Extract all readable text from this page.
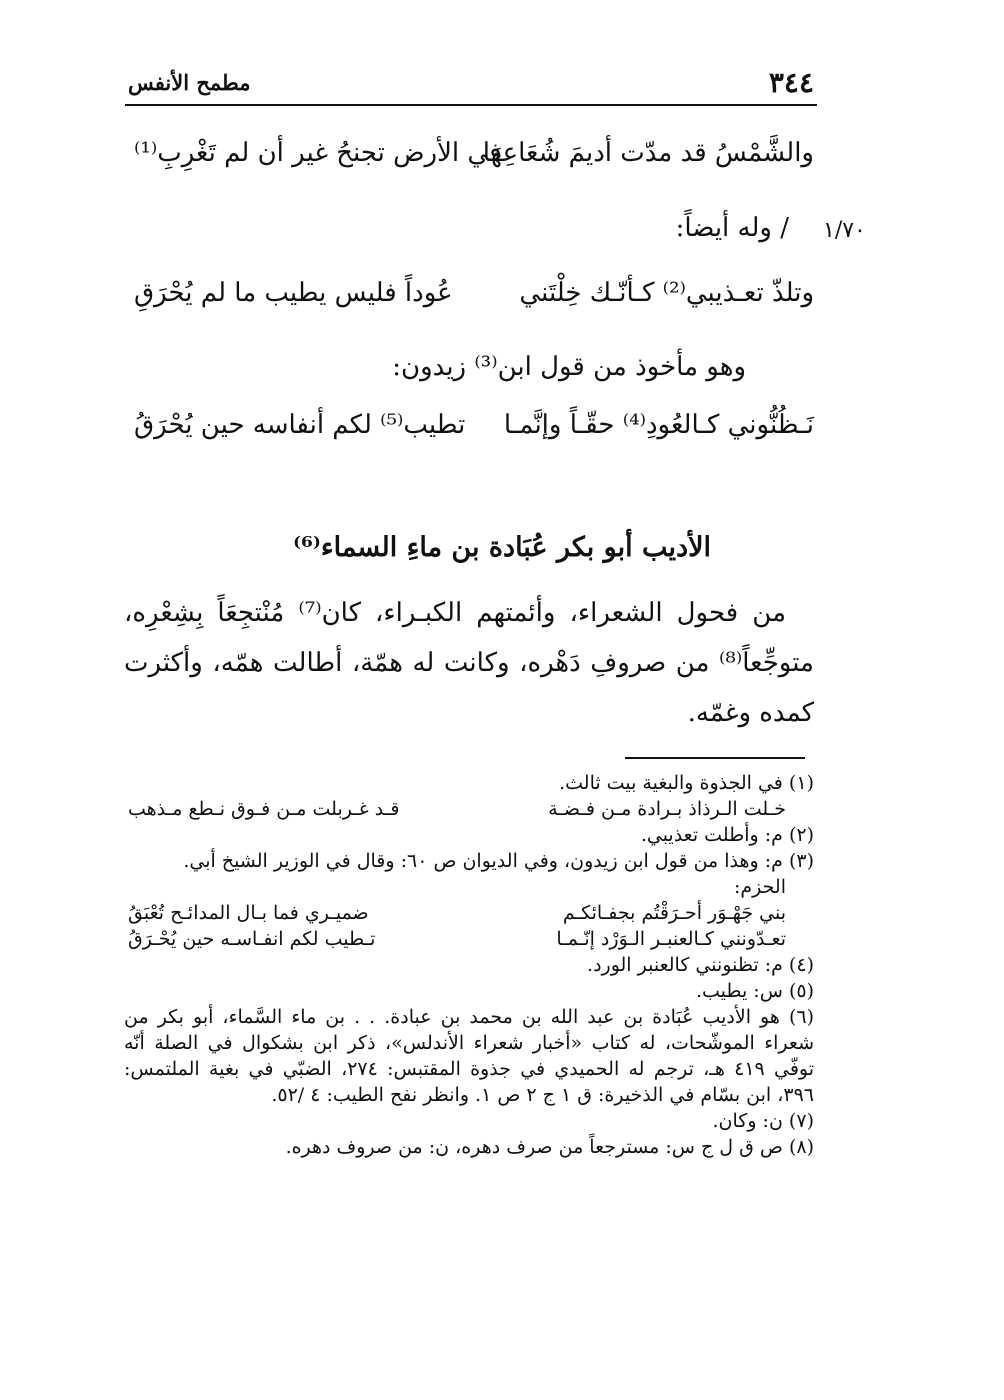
٣٤٤
مطمح الأنفس
والشَّمْسُ قد مدّت أديمَ شُعَاعِهَا
في الأرض تجنحُ غير أن لم تَغْرِبِ⁽¹⁾
١/٧٠
/ وله أيضاً:
وتلذّ تعـذيبي⁽²⁾ كـأنّـك خِلْتَني
عُوداً فليس يطيب ما لم يُحْرَقِ
وهو مأخوذ من قول ابن⁽³⁾ زيدون:
نَـظُنُّوني كـالعُودِ⁽⁴⁾ حقّـاً وإنَّمـا
تطيب⁽⁵⁾ لكم أنفاسه حين يُحْرَقُ
الأديب أبو بكر عُبَادة بن ماءِ السماء⁽⁶⁾

من فحول الشعراء، وأئمتهم الكبـراء، كان⁽⁷⁾ مُنْتجِعَاً بِشِعْرِه، متوجِّعاً⁽⁸⁾ من صروفِ دَهْره، وكانت له همّة، أطالت همّه، وأكثرت كمده وغمّه.

(١) في الجذوة والبغية بيت ثالث.

خـلت الـرذاذ بـرادة مـن فـضـة
قـد غـربلت مـن فـوق نـطع مـذهب

(٢) م: وأطلت تعذيبي.

(٣) م: وهذا من قول ابن زيدون، وفي الديوان ص ٦٠: وقال في الوزير الشيخ أبي.

الحزم:

بني جَهْـوَر أحـرَقْتُم بجفـائكـم
ضميـري فما بـال المدائـح تُعْبَقُ
تعـدّونني كـالعنبـر الـوَرْد إنّـمـا
تـطيب لكم انفـاسـه حين يُحْـرَقُ

(٤) م: تظنونني كالعنبر الورد.

(٥) س: يطيب.

(٦) هو الأديب عُبَادة بن عبد الله بن محمد بن عبادة. . . بن ماء السَّماء، أبو بكر من شعراء الموشّحات، له كتاب «أخبار شعراء الأندلس»، ذكر ابن بشكوال في الصلة أنّه توفّي ٤١٩ هـ، ترجم له الحميدي في جذوة المقتبس: ٢٧٤، الضبّي في بغية الملتمس: ٣٩٦، ابن بسّام في الذخيرة: ق ١ ج ٢ ص ١. وانظر نفح الطيب: ٤ /٥٢.

(٧) ن: وكان.

(٨) ص ق ل ج س: مسترجعاً من صرف دهره، ن: من صروف دهره.
